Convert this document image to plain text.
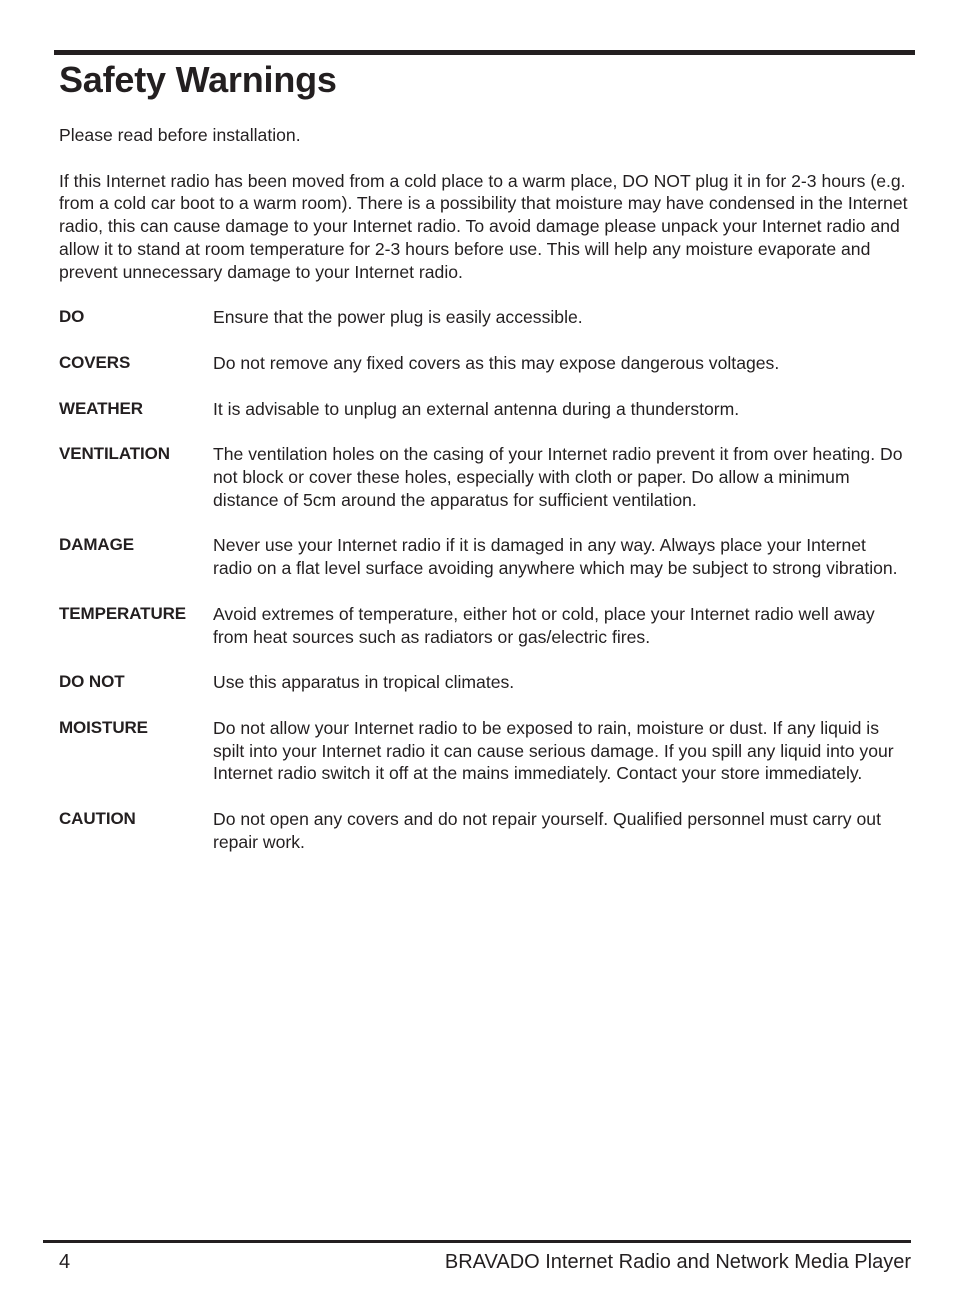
Safety Warnings

Please read before installation.

If this Internet radio has been moved from a cold place to a warm place, DO NOT plug it in for 2-3 hours (e.g. from a cold car boot to a warm room). There is a possibility that moisture may have condensed in the Internet radio, this can cause damage to your Internet radio. To avoid damage please unpack your Internet radio and allow it to stand at room temperature for 2-3 hours before use. This will help any moisture evaporate and prevent unnecessary damage to your Internet radio.

DO	Ensure that the power plug is easily accessible.
COVERS	Do not remove any fixed covers as this may expose dangerous voltages.
WEATHER	It is advisable to unplug an external antenna during a thunderstorm.
VENTILATION	The ventilation holes on the casing of your Internet radio prevent it from over heating. Do not block or cover these holes, especially with cloth or paper. Do allow a minimum distance of 5cm around the apparatus for sufficient ventilation.
DAMAGE	Never use your Internet radio if it is damaged in any way. Always place your Internet radio on a flat level surface avoiding anywhere which may be subject to strong vibration.
TEMPERATURE	Avoid extremes of temperature, either hot or cold, place your Internet radio well away from heat sources such as radiators or gas/electric fires.
DO NOT	Use this apparatus in tropical climates.
MOISTURE	Do not allow your Internet radio to be exposed to rain, moisture or dust. If any liquid is spilt into your Internet radio it can cause serious damage. If you spill any liquid into your Internet radio switch it off at the mains immediately. Contact your store immediately.
CAUTION	Do not open any covers and do not repair yourself. Qualified personnel must carry out repair work.
4	BRAVADO Internet Radio and Network Media Player
